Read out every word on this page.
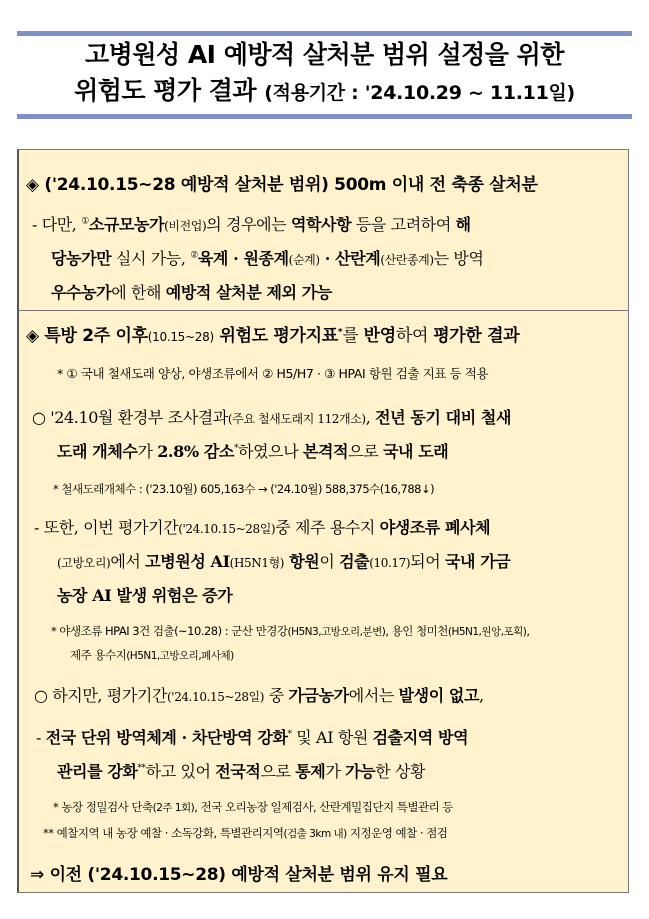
고병원성 AI 예방적 살처분 범위 설정을 위한
위험도 평가 결과 (적용기간 : '24.10.29 ~ 11.11일)
◈ ('24.10.15~28 예방적 살처분 범위) 500m 이내 전 축종 살처분
- 다만, ①소규모농가(비전업)의 경우에는 역학사항 등을 고려하여 해
당농가만 실시 가능, ②육계 · 원종계(순계) · 산란계(산란종계)는 방역
우수농가에 한해 예방적 살처분 제외 가능
◈ 특방 2주 이후(10.15~28) 위험도 평가지표*를 반영하여 평가한 결과
* ① 국내 철새도래 양상, 야생조류에서 ② H5/H7 · ③ HPAI 항원 검출 지표 등 적용
○ '24.10월 환경부 조사결과(주요 철새도래지 112개소), 전년 동기 대비 철새
도래 개체수가 2.8% 감소*하였으나 본격적으로 국내 도래
* 철새도래개체수 : ('23.10월) 605,163수 → ('24.10월) 588,375수(16,788↓)
- 또한, 이번 평가기간('24.10.15~28일)중 제주 용수지 야생조류 폐사체
(고방오리)에서 고병원성 AI(H5N1형) 항원이 검출(10.17)되어 국내 가금
농장 AI 발생 위험은 증가
* 야생조류 HPAI 3건 검출(~10.28) : 군산 만경강(H5N3,고방오리,분변), 용인 청미천(H5N1,원앙,포획),
제주 용수지(H5N1,고방오리,폐사체)
○ 하지만, 평가기간('24.10.15~28일) 중 가금농가에서는 발생이 없고,
- 전국 단위 방역체계 · 차단방역 강화* 및 AI 항원 검출지역 방역
관리를 강화**하고 있어 전국적으로 통제가 가능한 상황
* 농장 정밀검사 단축(2주 1회), 전국 오리농장 일제검사, 산란계밀집단지 특별관리 등
** 예찰지역 내 농장 예찰 · 소독강화, 특별관리지역(검출 3km 내) 지정운영 예찰 · 점검
⇒ 이전 ('24.10.15~28) 예방적 살처분 범위 유지 필요
